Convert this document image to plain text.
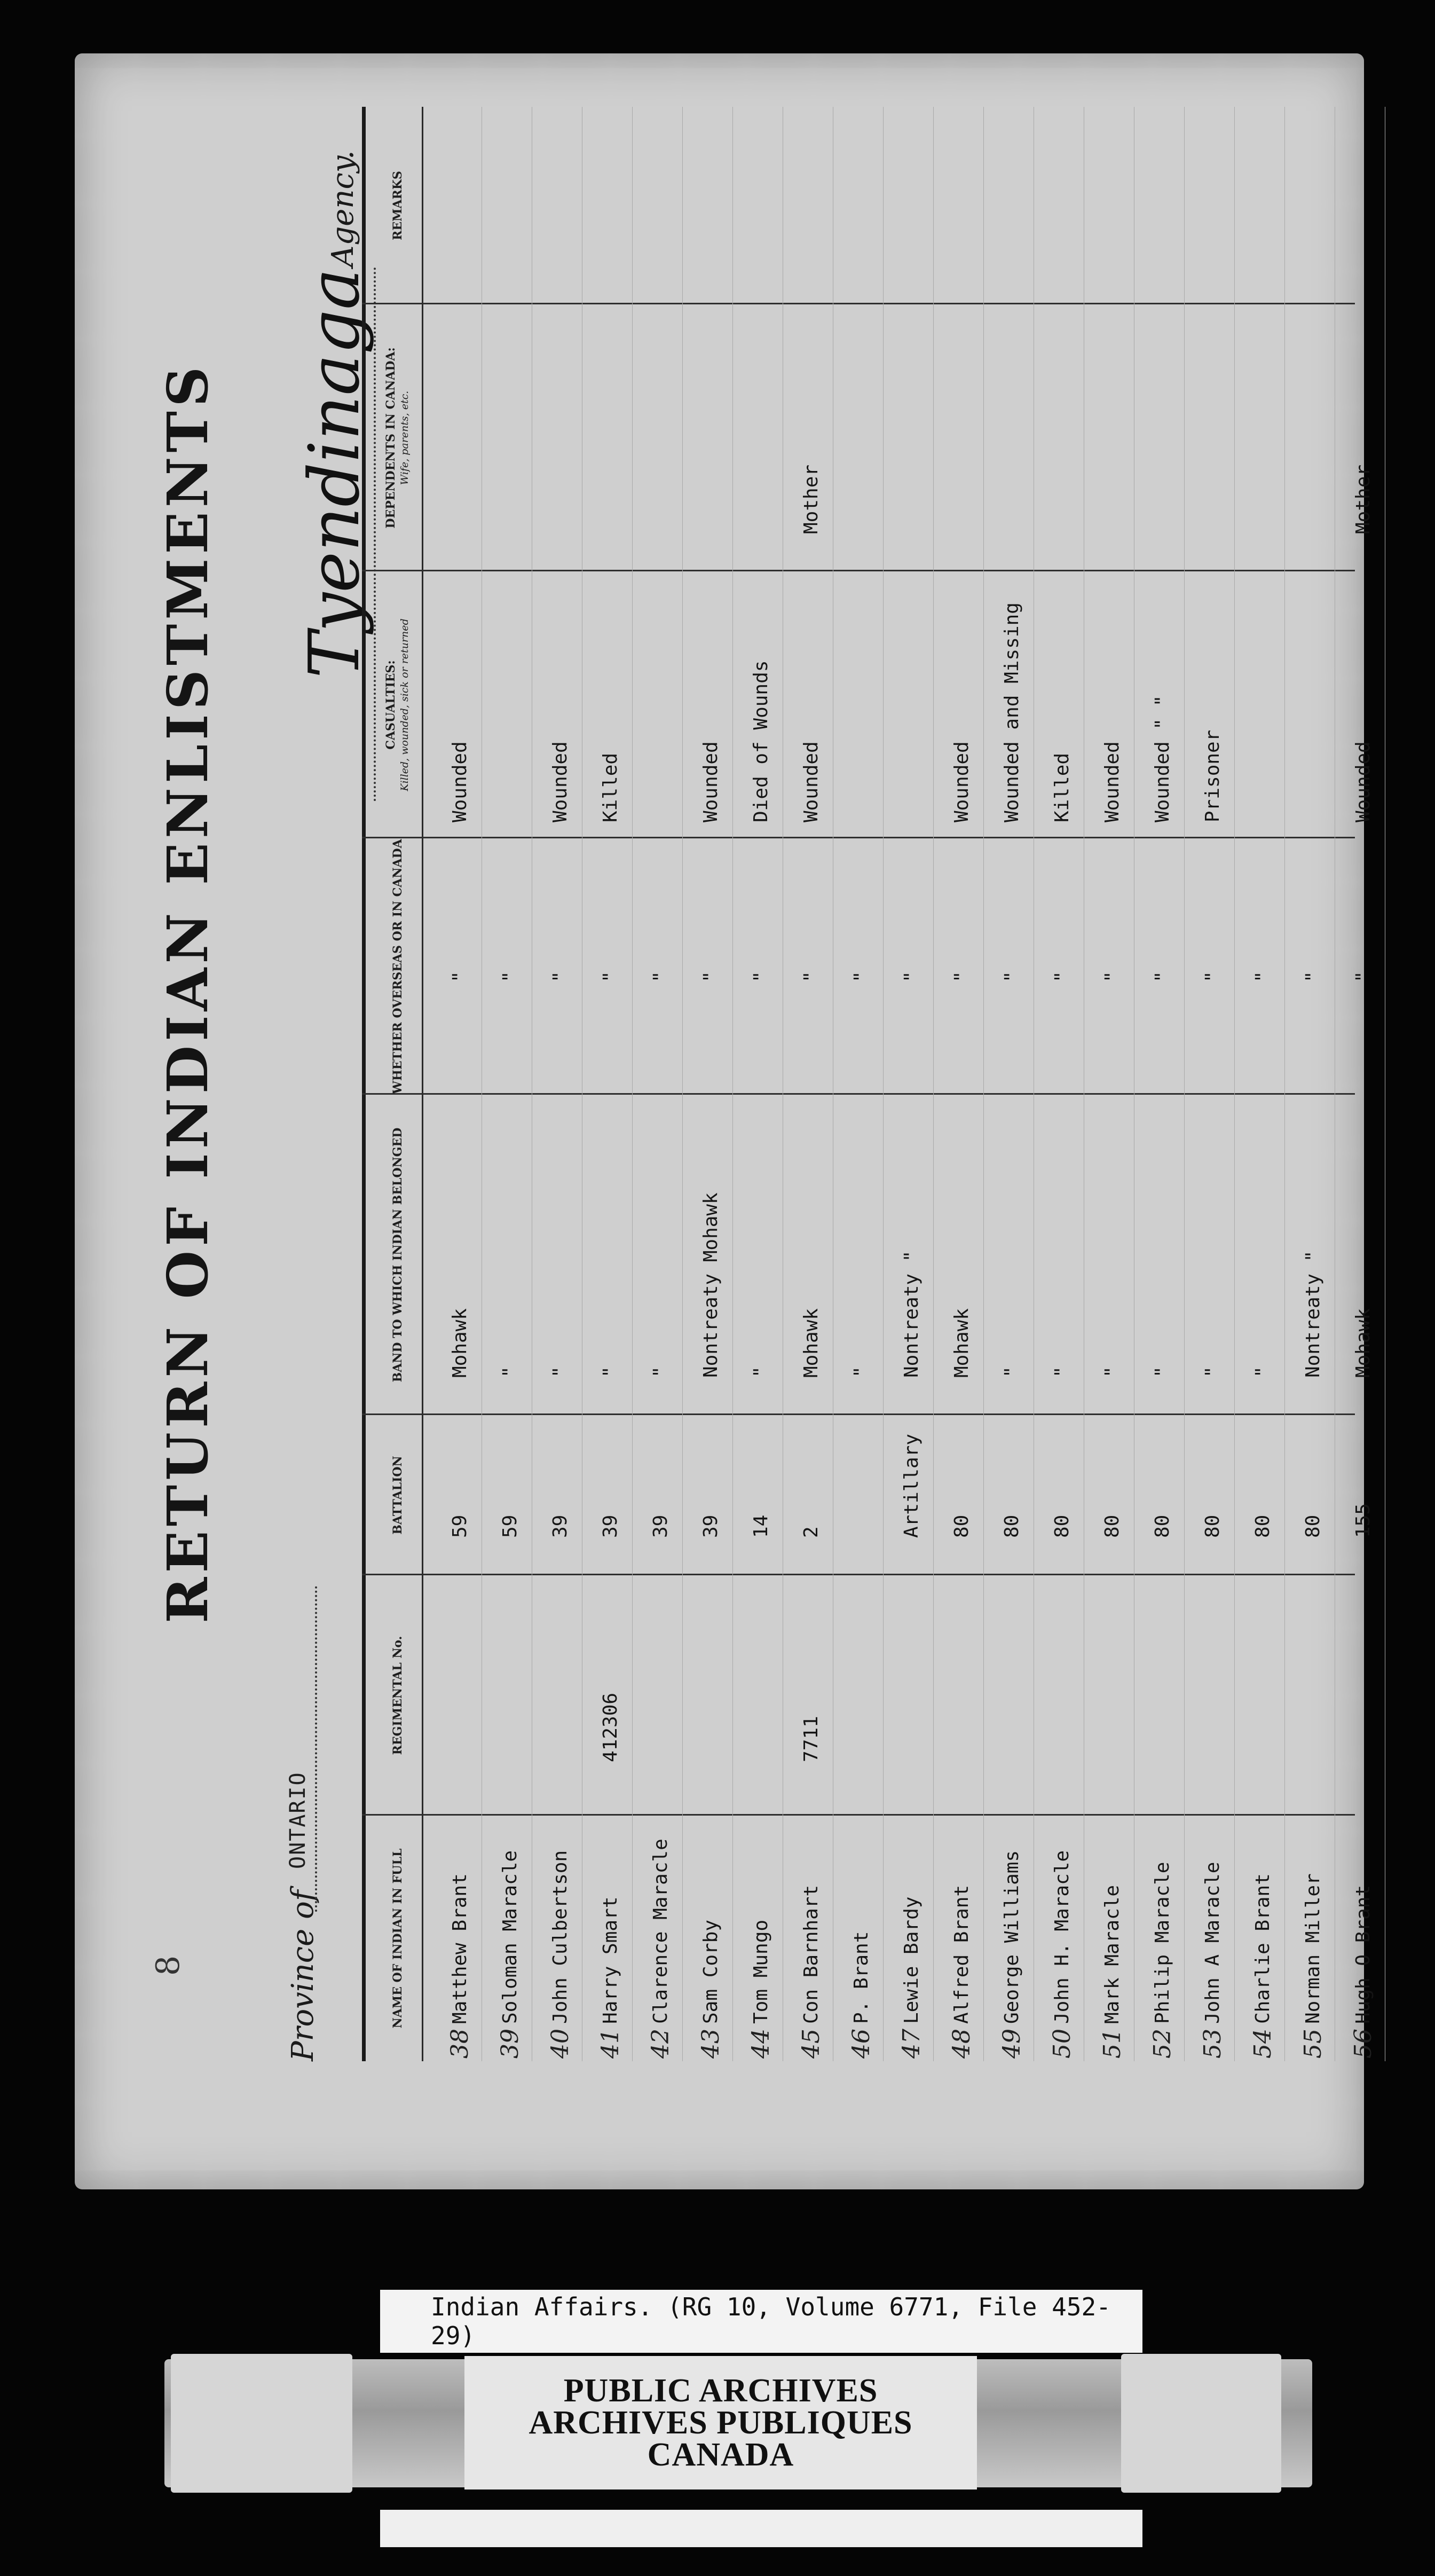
8
RETURN OF INDIAN ENLISTMENTS
Province of
ONTARIO
Tyendinaga
Agency.
NAME OF INDIAN IN FULL
REGIMENTAL No.
BATTALION
BAND TO WHICH INDIAN BELONGED
WHETHER OVERSEAS OR IN CANADA
CASUALTIES: Killed, wounded, sick or returned
DEPENDENTS IN CANADA: Wife, parents, etc.
REMARKS
38
Matthew Brant
59
Mohawk
"
Wounded
39
Soloman Maracle
59
"
"
40
John Culbertson
39
"
"
Wounded
41
Harry Smart
412306
39
"
"
Killed
42
Clarence Maracle
39
"
"
43
Sam Corby
39
Nontreaty Mohawk
"
Wounded
44
Tom Mungo
14
"
"
Died of Wounds
45
Con Barnhart
7711
2
Mohawk
"
Wounded
Mother
46
P. Brant
"
"
47
Lewie Bardy
Artillary
Nontreaty "
"
48
Alfred Brant
80
Mohawk
"
Wounded
49
George Williams
80
"
"
Wounded and Missing
50
John H. Maracle
80
"
"
Killed
51
Mark Maracle
80
"
"
Wounded
52
Philip Maracle
80
"
"
Wounded " "
53
John A Maracle
80
"
"
Prisoner
54
Charlie Brant
80
"
"
55
Norman Miller
80
Nontreaty "
"
56
Hugh O Brant
155
Mohawk
"
Wounded
Mother
Indian Affairs. (RG 10, Volume 6771, File 452-29)
PUBLIC ARCHIVES
ARCHIVES PUBLIQUES
CANADA
